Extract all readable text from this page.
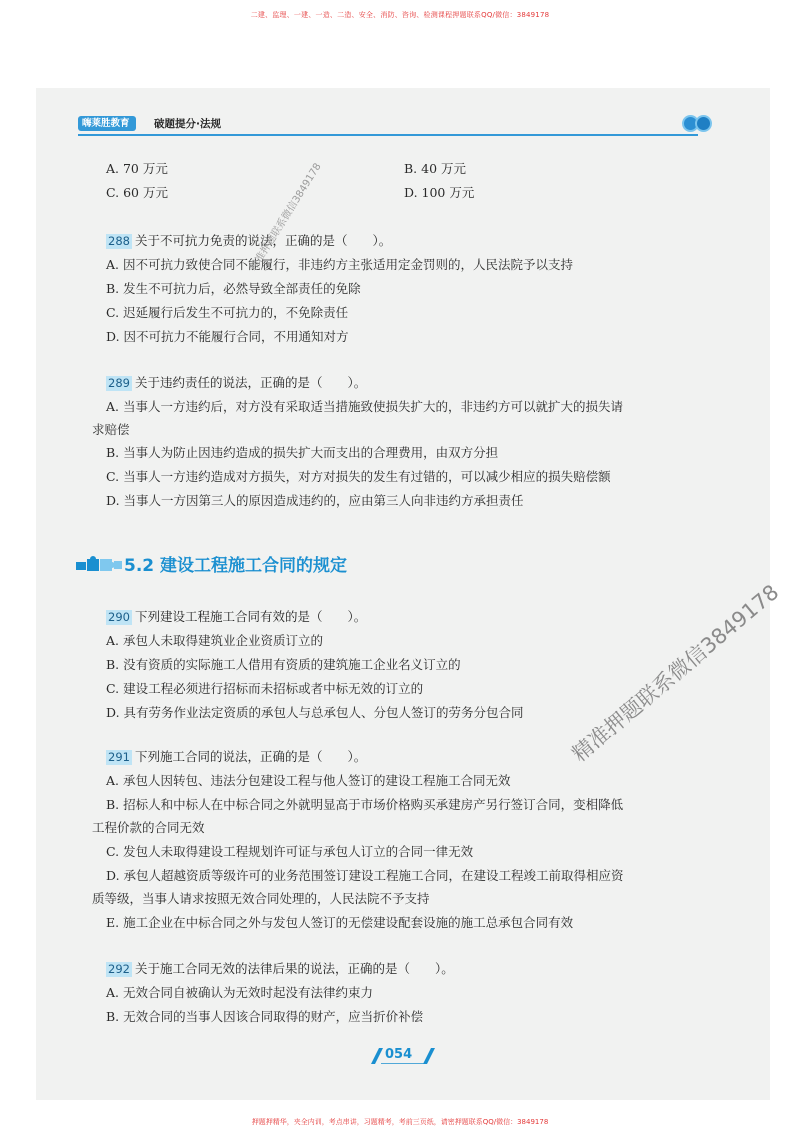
二建、监理、一建、一造、二造、安全、消防、咨询、检测课程押题联系QQ/微信：3849178
嗨莱胜教育	破题提分·法规
A. 70 万元	B. 40 万元
C. 60 万元	D. 100 万元
288 关于不可抗力免责的说法，正确的是（　　）。
A. 因不可抗力致使合同不能履行，非违约方主张适用定金罚则的，人民法院予以支持
B. 发生不可抗力后，必然导致全部责任的免除
C. 迟延履行后发生不可抗力的，不免除责任
D. 因不可抗力不能履行合同，不用通知对方
289 关于违约责任的说法，正确的是（　　）。
A. 当事人一方违约后，对方没有采取适当措施致使损失扩大的，非违约方可以就扩大的损失请
求赔偿
B. 当事人为防止因违约造成的损失扩大而支出的合理费用，由双方分担
C. 当事人一方违约造成对方损失，对方对损失的发生有过错的，可以减少相应的损失赔偿额
D. 当事人一方因第三人的原因造成违约的，应由第三人向非违约方承担责任
290 下列建设工程施工合同有效的是（　　）。
A. 承包人未取得建筑业企业资质订立的
B. 没有资质的实际施工人借用有资质的建筑施工企业名义订立的
C. 建设工程必须进行招标而未招标或者中标无效的订立的
D. 具有劳务作业法定资质的承包人与总承包人、分包人签订的劳务分包合同
291 下列施工合同的说法，正确的是（　　）。
A. 承包人因转包、违法分包建设工程与他人签订的建设工程施工合同无效
B. 招标人和中标人在中标合同之外就明显高于市场价格购买承建房产另行签订合同，变相降低
工程价款的合同无效
C. 发包人未取得建设工程规划许可证与承包人订立的合同一律无效
D. 承包人超越资质等级许可的业务范围签订建设工程施工合同，在建设工程竣工前取得相应资
质等级，当事人请求按照无效合同处理的，人民法院不予支持
E. 施工企业在中标合同之外与发包人签订的无偿建设配套设施的施工总承包合同有效
292 关于施工合同无效的法律后果的说法，正确的是（　　）。
A. 无效合同自被确认为无效时起没有法律约束力
B. 无效合同的当事人因该合同取得的财产，应当折价补偿
5.2 建设工程施工合同的规定
054
精准押题联系微信3849178
精准押题联系微信3849178
押题押精华，夹全内训，考点串讲，习题精考，考前三页纸，请密押题联系QQ/微信：3849178
